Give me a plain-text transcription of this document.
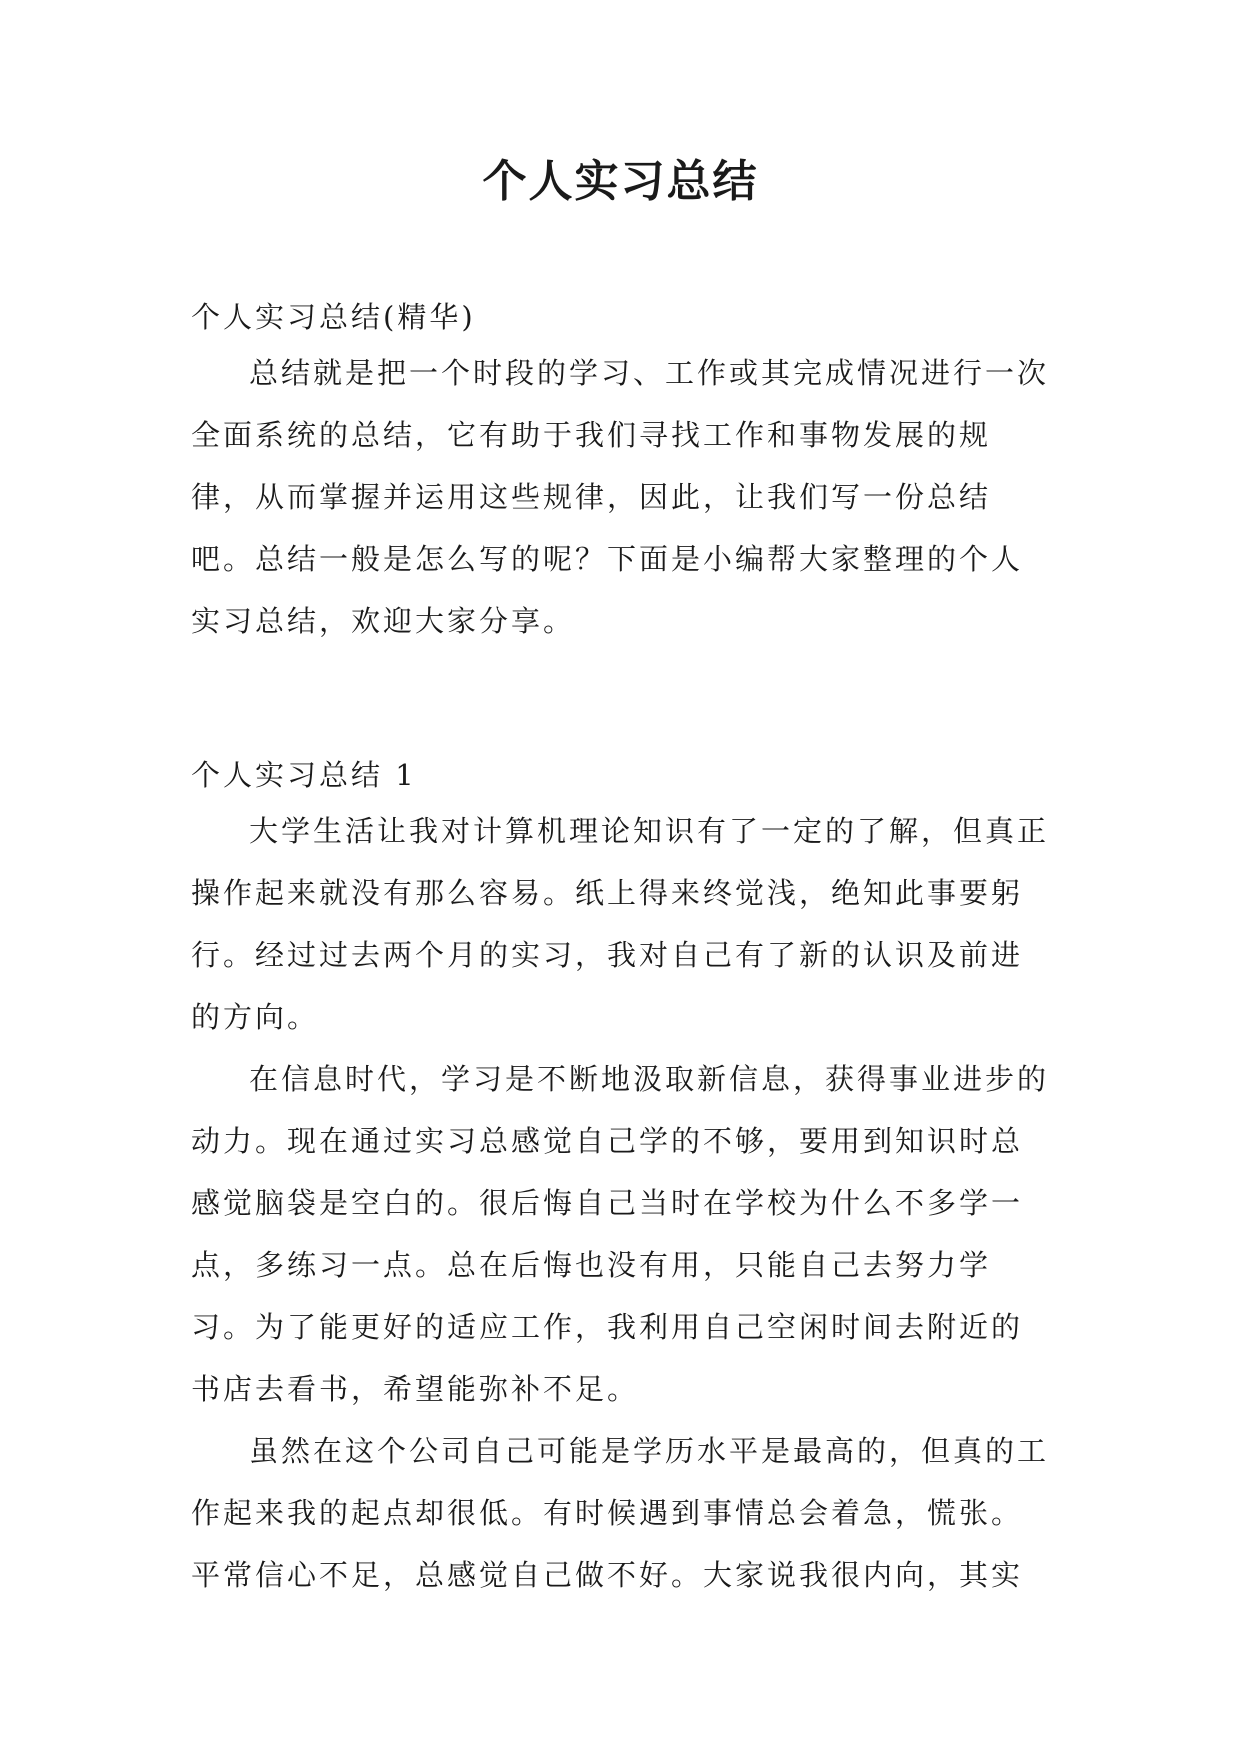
个人实习总结

个人实习总结(精华)

总结就是把一个时段的学习、工作或其完成情况进行一次全面系统的总结，它有助于我们寻找工作和事物发展的规律，从而掌握并运用这些规律，因此，让我们写一份总结吧。总结一般是怎么写的呢？下面是小编帮大家整理的个人实习总结，欢迎大家分享。

个人实习总结 1

大学生活让我对计算机理论知识有了一定的了解，但真正操作起来就没有那么容易。纸上得来终觉浅，绝知此事要躬行。经过过去两个月的实习，我对自己有了新的认识及前进的方向。

在信息时代，学习是不断地汲取新信息，获得事业进步的动力。现在通过实习总感觉自己学的不够，要用到知识时总感觉脑袋是空白的。很后悔自己当时在学校为什么不多学一点，多练习一点。总在后悔也没有用，只能自己去努力学习。为了能更好的适应工作，我利用自己空闲时间去附近的书店去看书，希望能弥补不足。

虽然在这个公司自己可能是学历水平是最高的，但真的工作起来我的起点却很低。有时候遇到事情总会着急，慌张。平常信心不足，总感觉自己做不好。大家说我很内向，其实
